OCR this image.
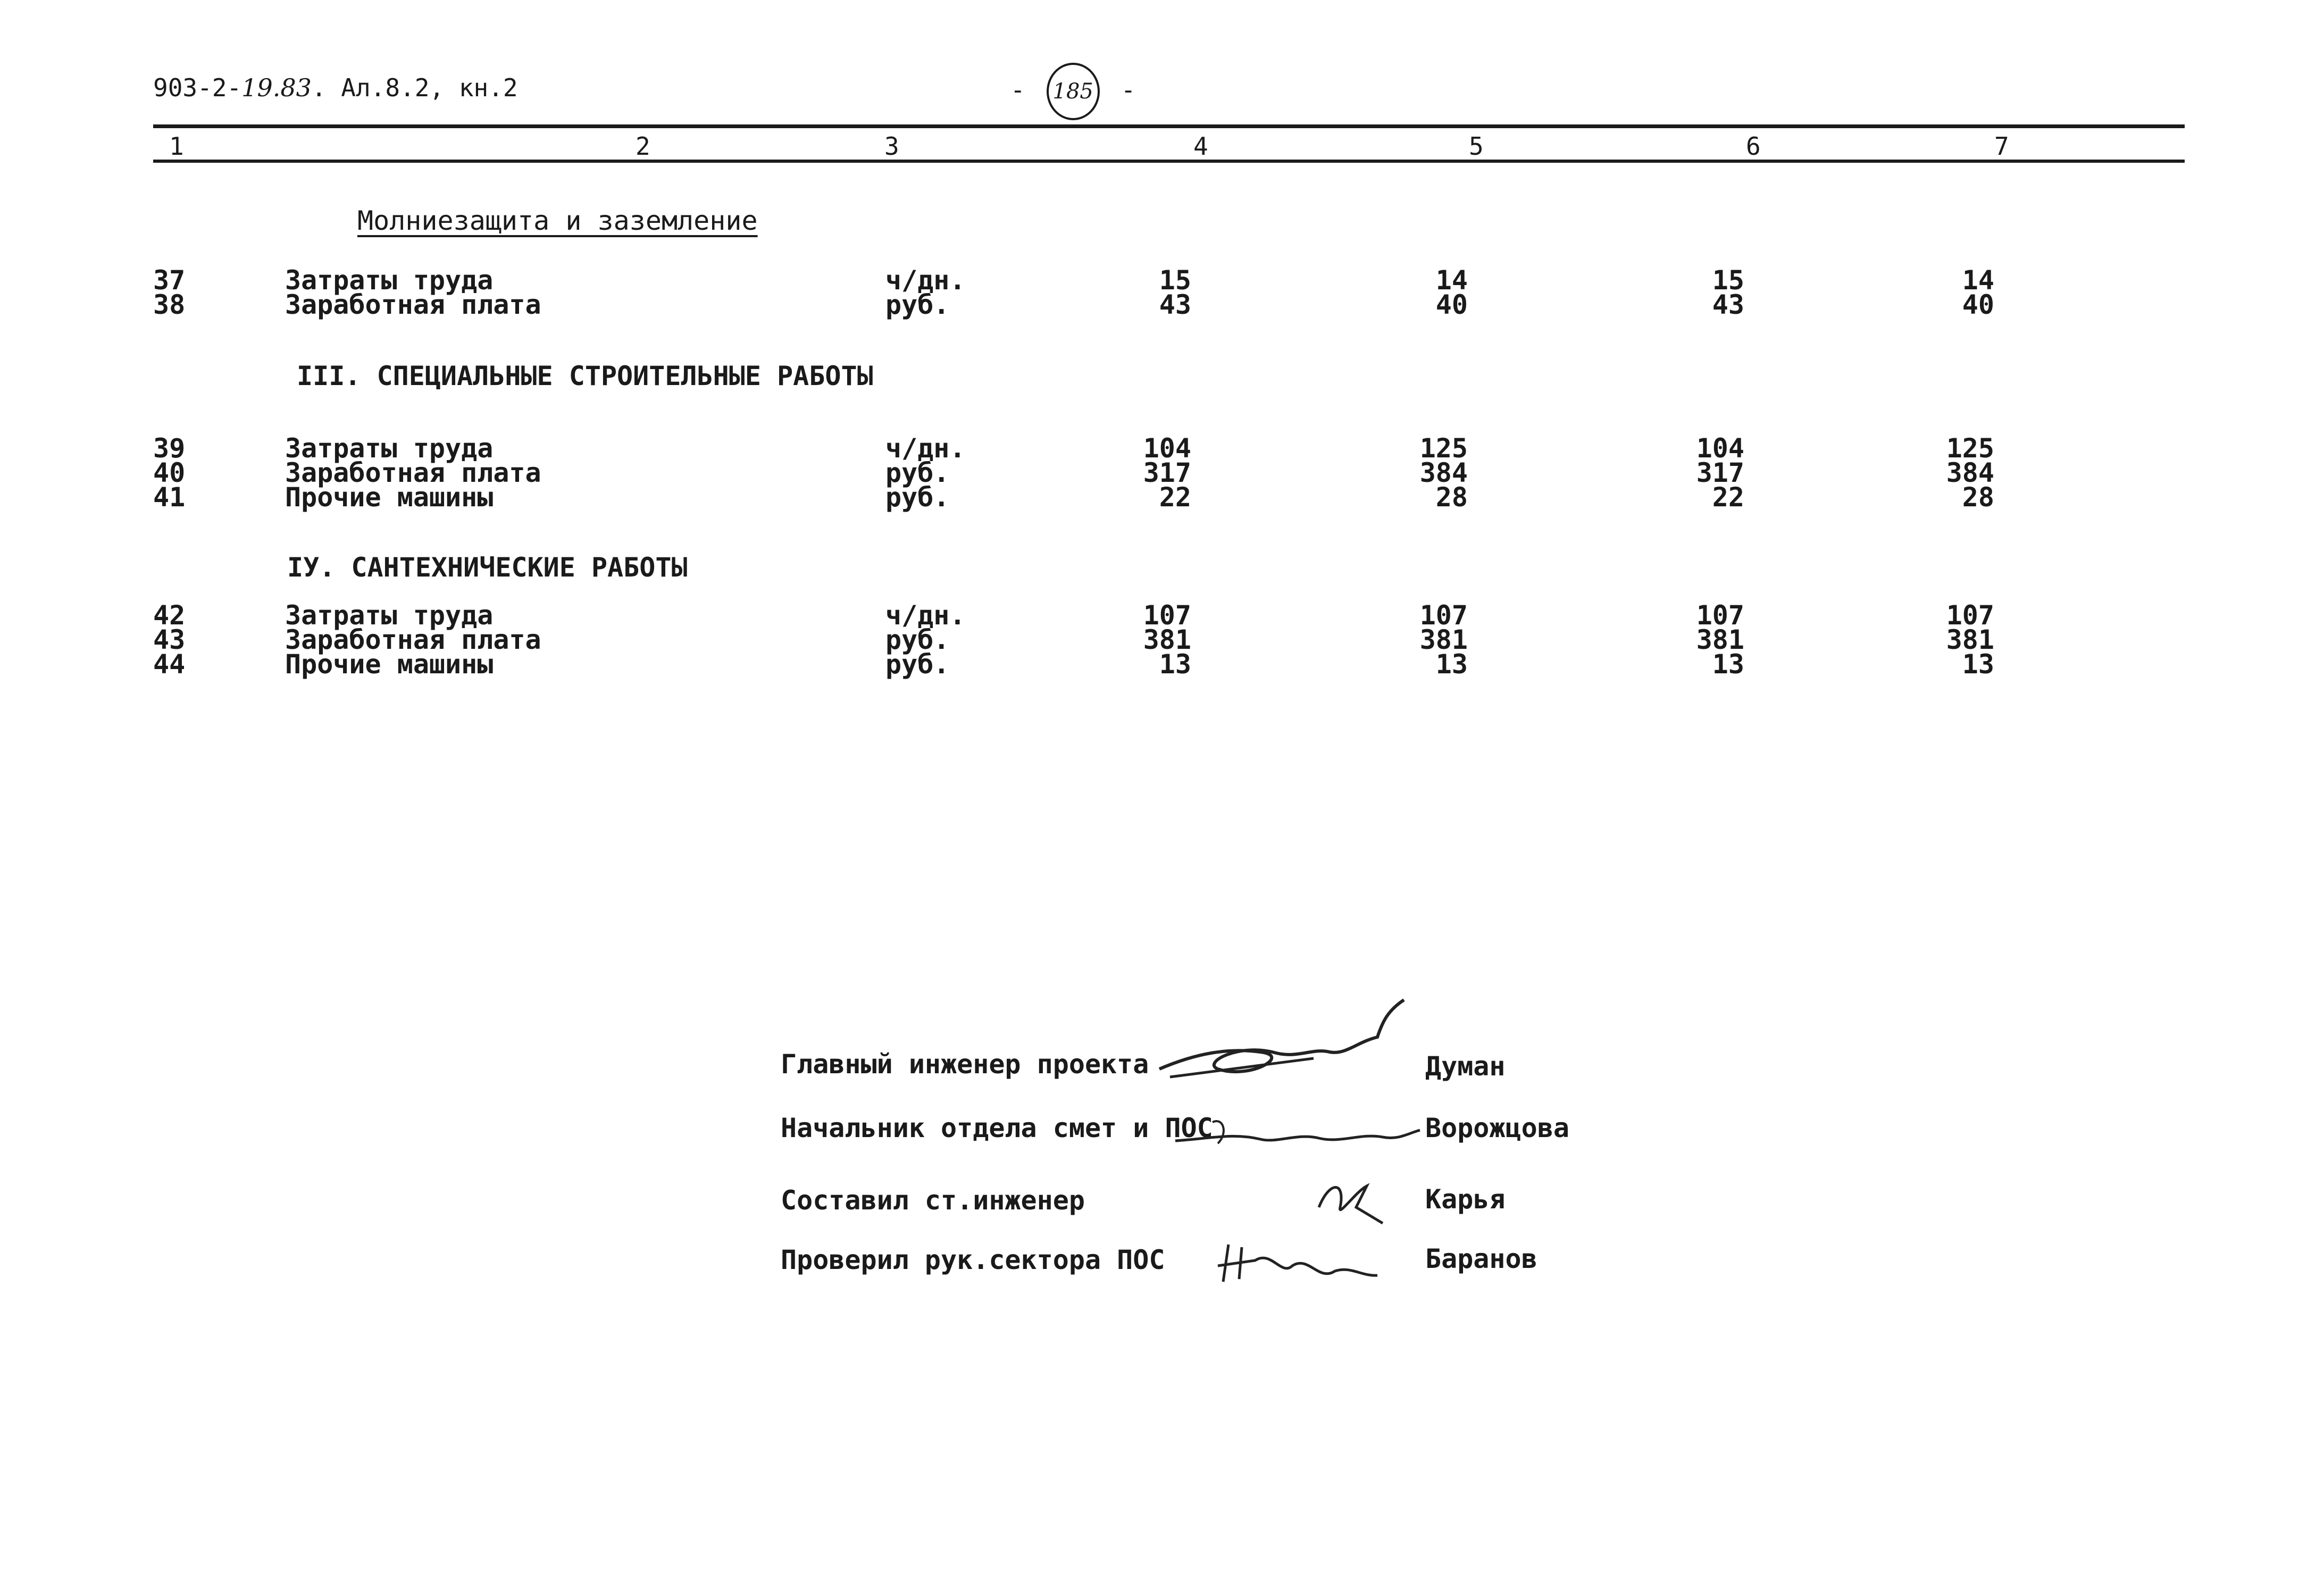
903-2-19.83. Ал.8.2, кн.2	- 185 -
1	2	3	4	5	6	7
Молниезащита и заземление
37	Затраты труда	ч/дн.	15	14	15	14
38	Заработная плата	руб.	43	40	43	40
III. СПЕЦИАЛЬНЫЕ СТРОИТЕЛЬНЫЕ РАБОТЫ
39	Затраты труда	ч/дн.	104	125	104	125
40	Заработная плата	руб.	317	384	317	384
41	Прочие машины	руб.	22	28	22	28
IУ. САНТЕХНИЧЕСКИЕ РАБОТЫ
42	Затраты труда	ч/дн.	107	107	107	107
43	Заработная плата	руб.	381	381	381	381
44	Прочие машины	руб.	13	13	13	13
Главный инженер проекта	Думан
Начальник отдела смет и ПОС	Ворожцова
Составил ст.инженер	Карья
Проверил рук.сектора ПОС	Баранов
